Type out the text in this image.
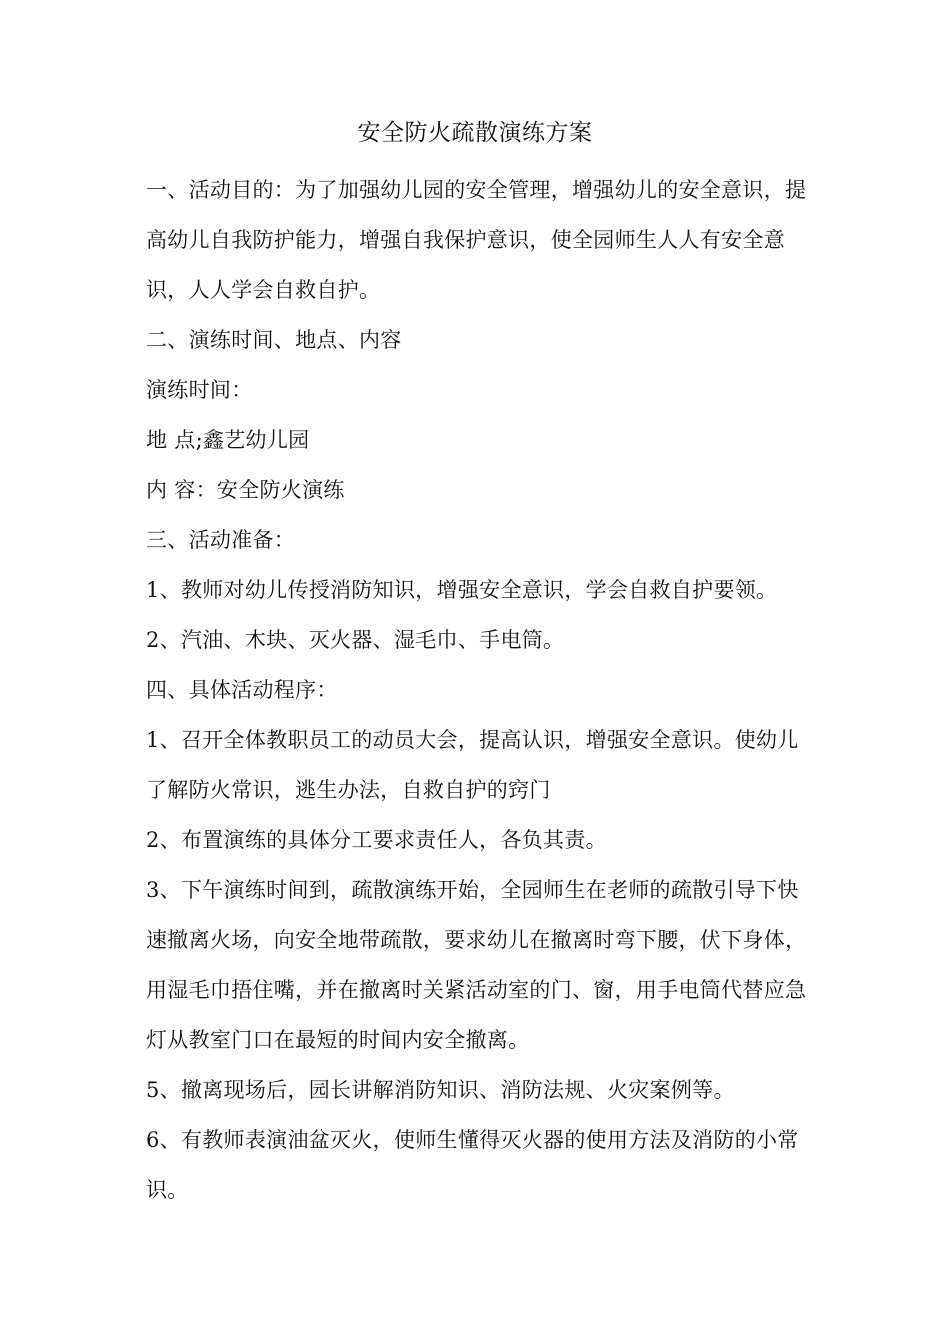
安全防火疏散演练方案

一、活动目的：为了加强幼儿园的安全管理，增强幼儿的安全意识，提高幼儿自我防护能力，增强自我保护意识，使全园师生人人有安全意识，人人学会自救自护。

二、演练时间、地点、内容

演练时间：

地 点;鑫艺幼儿园

内 容：安全防火演练

三、活动准备：

1、教师对幼儿传授消防知识，增强安全意识，学会自救自护要领。

2、汽油、木块、灭火器、湿毛巾、手电筒。

四、具体活动程序：

1、召开全体教职员工的动员大会，提高认识，增强安全意识。使幼儿了解防火常识，逃生办法，自救自护的窍门

2、布置演练的具体分工要求责任人，各负其责。

3、下午演练时间到，疏散演练开始，全园师生在老师的疏散引导下快速撤离火场，向安全地带疏散，要求幼儿在撤离时弯下腰，伏下身体，用湿毛巾捂住嘴，并在撤离时关紧活动室的门、窗，用手电筒代替应急灯从教室门口在最短的时间内安全撤离。

5、撤离现场后，园长讲解消防知识、消防法规、火灾案例等。

6、有教师表演油盆灭火，使师生懂得灭火器的使用方法及消防的小常识。
